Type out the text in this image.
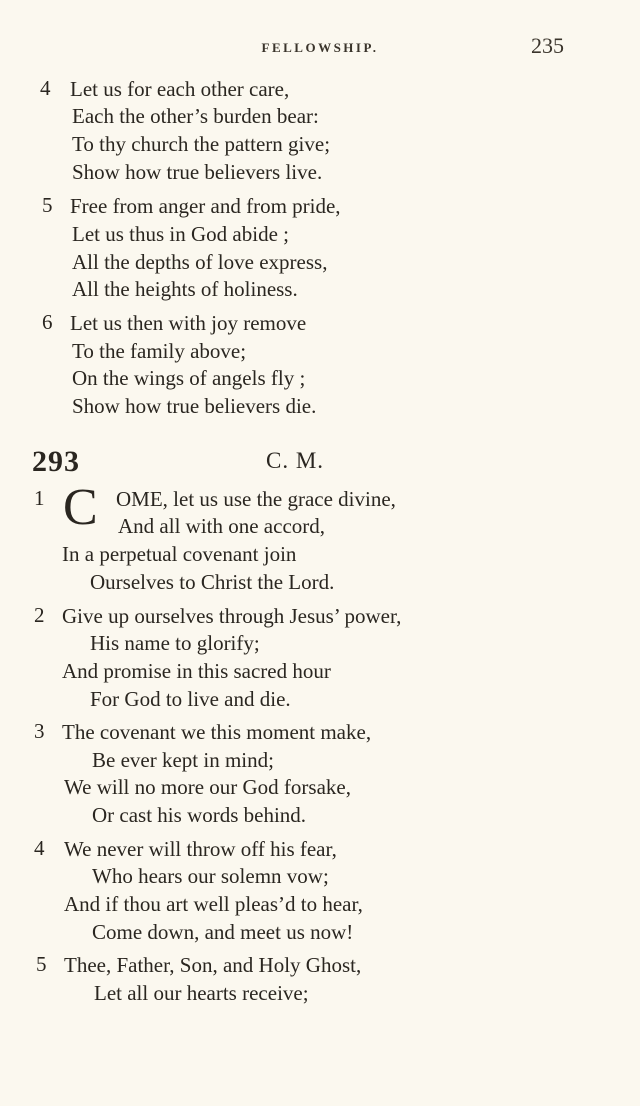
FELLOWSHIP.	235
4 Let us for each other care,
Each the other’s burden bear:
To thy church the pattern give;
Show how true believers live.
5 Free from anger and from pride,
Let us thus in God abide ;
All the depths of love express,
All the heights of holiness.
6 Let us then with joy remove
To the family above;
On the wings of angels fly ;
Show how true believers die.
293	C. M.
1 C OME, let us use the grace divine,
And all with one accord,
In a perpetual covenant join
Ourselves to Christ the Lord.
2 Give up ourselves through Jesus’ power,
His name to glorify;
And promise in this sacred hour
For God to live and die.
3 The covenant we this moment make,
Be ever kept in mind;
We will no more our God forsake,
Or cast his words behind.
4 We never will throw off his fear,
Who hears our solemn vow;
And if thou art well pleas’d to hear,
Come down, and meet us now!
5 Thee, Father, Son, and Holy Ghost,
Let all our hearts receive;
